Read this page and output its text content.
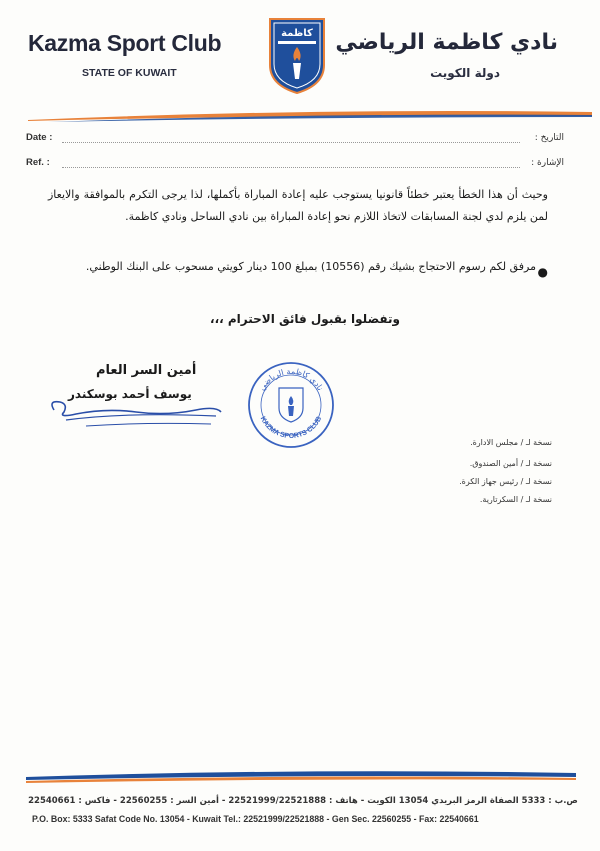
Kazma Sport Club
STATE OF KUWAIT
كاظمة نادي كاظمة الرياضي
دولة الكويت
Date :	التاريخ :
Ref. :	الإشارة :
وحيث أن هذا الخطأ يعتبر خطئاً قانونيا يستوجب عليه إعادة المباراة بأكملها، لذا يرجى التكرم بالموافقة والايعاز لمن يلزم لدي لجنة المسابقات لاتخاذ اللازم نحو إعادة المباراة بين نادي الساحل ونادي كاظمة.
مرفق لكم رسوم الاحتجاج بشيك رقم (10556) بمبلغ 100 دينار كويتي مسحوب على البنك الوطني. ●
وتفضلوا بقبول فائق الاحترام ،،،
أمين السر العام
يوسف أحمد بوسكندر
نادي كاظمة الرياضي
KAZMA SPORTS CLUB
نسخة لـ / مجلس الادارة.
نسخة لـ / أمين الصندوق.
نسخة لـ / رئيس جهاز الكرة.
نسخة لـ / السكرتارية.
ص.ب : 5333 الصفاة الرمز البريدي 13054 الكويت - هاتف : 22521999/22521888 - أمين السر : 22560255 - فاكس : 22540661
P.O. Box: 5333 Safat Code No. 13054 - Kuwait Tel.: 22521999/22521888 - Gen Sec. 22560255 - Fax: 22540661
